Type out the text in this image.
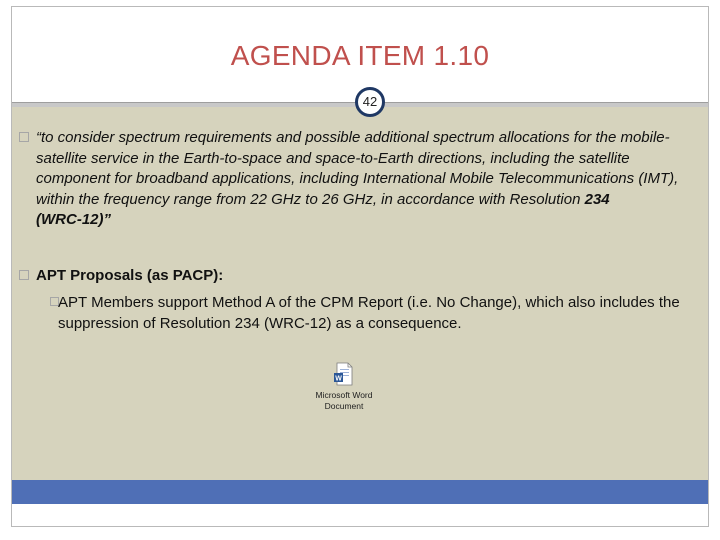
AGENDA ITEM 1.10
42
“to consider spectrum requirements and possible additional spectrum allocations for the mobile-satellite service in the Earth-to-space and space-to-Earth directions, including the satellite component for broadband applications, including International Mobile Telecommunications (IMT), within the frequency range from 22 GHz to 26 GHz, in accordance with Resolution 234 (WRC‑12)”
APT Proposals (as PACP):
APT Members support Method A of the CPM Report (i.e. No Change), which also includes the suppression of Resolution 234 (WRC-12) as a consequence.
W
Microsoft Word
Document
